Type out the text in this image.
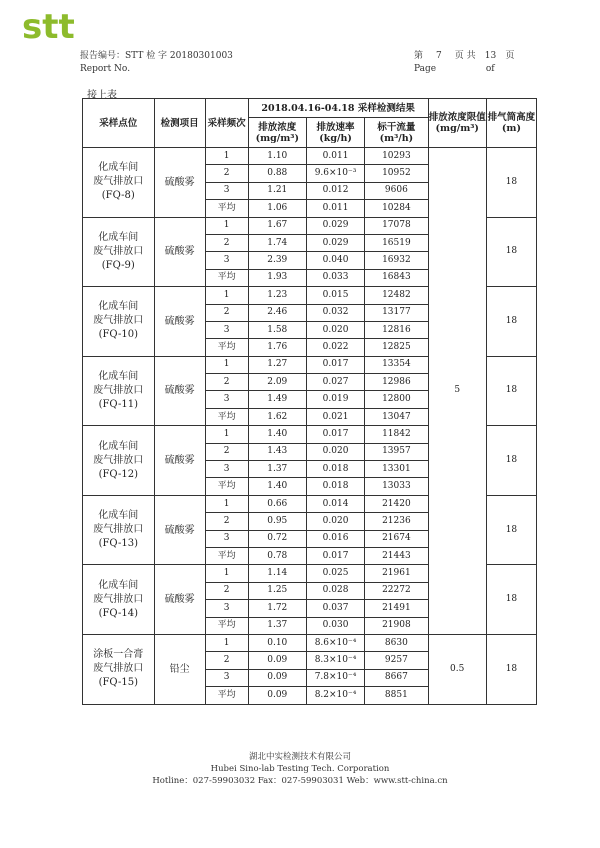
stt
报告编号：STT 检 字 20180301003
Report No.
第 7 页 共 13 页
Page	of
接上表
采样点位	检测项目	采样频次	2018.04.16-04.18 采样检测结果			排放浓度限值(mg/m³)	排气筒高度(m)
			排放浓度(mg/m³)	排放速率(kg/h)	标干流量(m³/h)		

化成车间
废气排放口
(FQ-8)	硫酸雾	1	1.10	0.011	10293	5	18
		2	0.88	9.6×10⁻³	10952		
		3	1.21	0.012	9606		
		平均	1.06	0.011	10284		

化成车间
废气排放口
(FQ-9)	硫酸雾	1	1.67	0.029	17078		18
		2	1.74	0.029	16519		
		3	2.39	0.040	16932		
		平均	1.93	0.033	16843		

化成车间
废气排放口
(FQ-10)	硫酸雾	1	1.23	0.015	12482		18
		2	2.46	0.032	13177		
		3	1.58	0.020	12816		
		平均	1.76	0.022	12825		

化成车间
废气排放口
(FQ-11)	硫酸雾	1	1.27	0.017	13354		18
		2	2.09	0.027	12986		
		3	1.49	0.019	12800		
		平均	1.62	0.021	13047		

化成车间
废气排放口
(FQ-12)	硫酸雾	1	1.40	0.017	11842		18
		2	1.43	0.020	13957		
		3	1.37	0.018	13301		
		平均	1.40	0.018	13033		

化成车间
废气排放口
(FQ-13)	硫酸雾	1	0.66	0.014	21420		18
		2	0.95	0.020	21236		
		3	0.72	0.016	21674		
		平均	0.78	0.017	21443		

化成车间
废气排放口
(FQ-14)	硫酸雾	1	1.14	0.025	21961		18
		2	1.25	0.028	22272		
		3	1.72	0.037	21491		
		平均	1.37	0.030	21908		

涂板一合膏
废气排放口
(FQ-15)	铅尘	1	0.10	8.6×10⁻⁴	8630	0.5	18
		2	0.09	8.3×10⁻⁴	9257		
		3	0.09	7.8×10⁻⁴	8667		
		平均	0.09	8.2×10⁻⁴	8851		
湖北中实检测技术有限公司
Hubei Sino-lab Testing Tech. Corporation
Hotline：027-59903032 Fax：027-59903031 Web：www.stt-china.cn
